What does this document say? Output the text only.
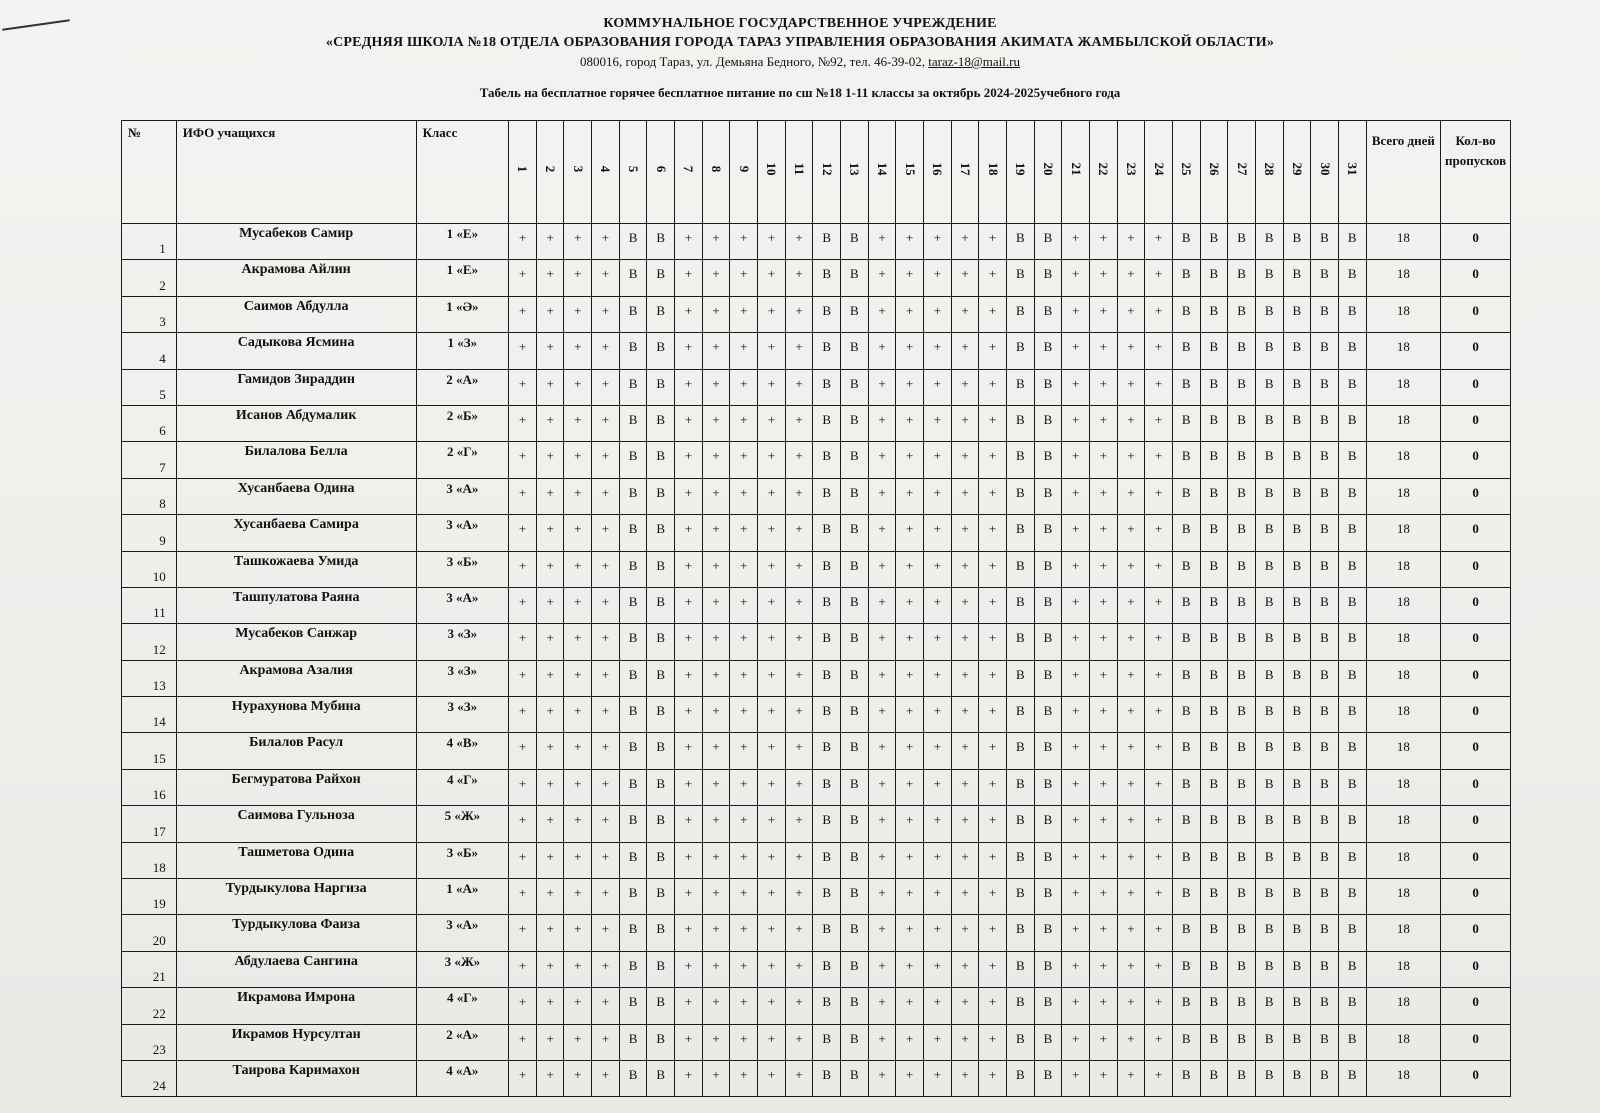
КОММУНАЛЬНОЕ ГОСУДАРСТВЕННОЕ УЧРЕЖДЕНИЕ
«СРЕДНЯЯ ШКОЛА №18 ОТДЕЛА ОБРАЗОВАНИЯ ГОРОДА ТАРАЗ УПРАВЛЕНИЯ ОБРАЗОВАНИЯ АКИМАТА ЖАМБЫЛСКОЙ ОБЛАСТИ»
080016, город Тараз, ул. Демьяна Бедного, №92, тел. 46-39-02, taraz-18@mail.ru
Табель на бесплатное горячее бесплатное питание по сш №18 1-11 классы за октябрь 2024-2025учебного года
№	ИФО учащихся	Класс	1	2	3	4	5	6	7	8	9	10	11	12	13	14	15	16	17	18	19	20	21	22	23	24	25	26	27	28	29	30	31	Всего дней	Кол-во пропусков
1	Мусабеков Самир	1 «Е»	+	+	+	+	В	В	+	+	+	+	+	В	В	+	+	+	+	+	В	В	+	+	+	+	В	В	В	В	В	В	В	18	0
2	Акрамова Айлин	1 «Е»	+	+	+	+	В	В	+	+	+	+	+	В	В	+	+	+	+	+	В	В	+	+	+	+	В	В	В	В	В	В	В	18	0
3	Саимов Абдулла	1 «Ә»	+	+	+	+	В	В	+	+	+	+	+	В	В	+	+	+	+	+	В	В	+	+	+	+	В	В	В	В	В	В	В	18	0
4	Садыкова Ясмина	1 «З»	+	+	+	+	В	В	+	+	+	+	+	В	В	+	+	+	+	+	В	В	+	+	+	+	В	В	В	В	В	В	В	18	0
5	Гамидов Зираддин	2 «А»	+	+	+	+	В	В	+	+	+	+	+	В	В	+	+	+	+	+	В	В	+	+	+	+	В	В	В	В	В	В	В	18	0
6	Исанов Абдумалик	2 «Б»	+	+	+	+	В	В	+	+	+	+	+	В	В	+	+	+	+	+	В	В	+	+	+	+	В	В	В	В	В	В	В	18	0
7	Билалова Белла	2 «Г»	+	+	+	+	В	В	+	+	+	+	+	В	В	+	+	+	+	+	В	В	+	+	+	+	В	В	В	В	В	В	В	18	0
8	Хусанбаева Одина	3 «А»	+	+	+	+	В	В	+	+	+	+	+	В	В	+	+	+	+	+	В	В	+	+	+	+	В	В	В	В	В	В	В	18	0
9	Хусанбаева Самира	3 «А»	+	+	+	+	В	В	+	+	+	+	+	В	В	+	+	+	+	+	В	В	+	+	+	+	В	В	В	В	В	В	В	18	0
10	Ташкожаева Умида	3 «Б»	+	+	+	+	В	В	+	+	+	+	+	В	В	+	+	+	+	+	В	В	+	+	+	+	В	В	В	В	В	В	В	18	0
11	Ташпулатова Раяна	3 «А»	+	+	+	+	В	В	+	+	+	+	+	В	В	+	+	+	+	+	В	В	+	+	+	+	В	В	В	В	В	В	В	18	0
12	Мусабеков Санжар	3 «З»	+	+	+	+	В	В	+	+	+	+	+	В	В	+	+	+	+	+	В	В	+	+	+	+	В	В	В	В	В	В	В	18	0
13	Акрамова Азалия	3 «З»	+	+	+	+	В	В	+	+	+	+	+	В	В	+	+	+	+	+	В	В	+	+	+	+	В	В	В	В	В	В	В	18	0
14	Нурахунова Мубина	3 «З»	+	+	+	+	В	В	+	+	+	+	+	В	В	+	+	+	+	+	В	В	+	+	+	+	В	В	В	В	В	В	В	18	0
15	Билалов Расул	4 «В»	+	+	+	+	В	В	+	+	+	+	+	В	В	+	+	+	+	+	В	В	+	+	+	+	В	В	В	В	В	В	В	18	0
16	Бегмуратова Райхон	4 «Г»	+	+	+	+	В	В	+	+	+	+	+	В	В	+	+	+	+	+	В	В	+	+	+	+	В	В	В	В	В	В	В	18	0
17	Саимова Гульноза	5 «Ж»	+	+	+	+	В	В	+	+	+	+	+	В	В	+	+	+	+	+	В	В	+	+	+	+	В	В	В	В	В	В	В	18	0
18	Ташметова Одина	3 «Б»	+	+	+	+	В	В	+	+	+	+	+	В	В	+	+	+	+	+	В	В	+	+	+	+	В	В	В	В	В	В	В	18	0
19	Турдыкулова Наргиза	1 «А»	+	+	+	+	В	В	+	+	+	+	+	В	В	+	+	+	+	+	В	В	+	+	+	+	В	В	В	В	В	В	В	18	0
20	Турдыкулова Фаиза	3 «А»	+	+	+	+	В	В	+	+	+	+	+	В	В	+	+	+	+	+	В	В	+	+	+	+	В	В	В	В	В	В	В	18	0
21	Абдулаева Сангина	3 «Ж»	+	+	+	+	В	В	+	+	+	+	+	В	В	+	+	+	+	+	В	В	+	+	+	+	В	В	В	В	В	В	В	18	0
22	Икрамова Имрона	4 «Г»	+	+	+	+	В	В	+	+	+	+	+	В	В	+	+	+	+	+	В	В	+	+	+	+	В	В	В	В	В	В	В	18	0
23	Икрамов Нурсултан	2 «А»	+	+	+	+	В	В	+	+	+	+	+	В	В	+	+	+	+	+	В	В	+	+	+	+	В	В	В	В	В	В	В	18	0
24	Таирова Каримахон	4 «А»	+	+	+	+	В	В	+	+	+	+	+	В	В	+	+	+	+	+	В	В	+	+	+	+	В	В	В	В	В	В	В	18	0
